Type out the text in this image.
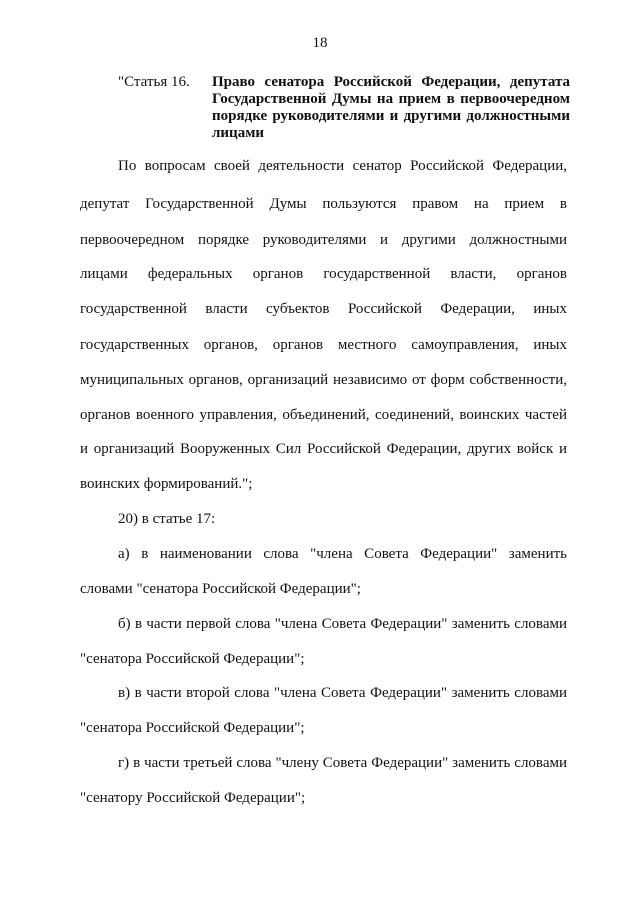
18
"Статья 16. Право сенатора Российской Федерации, депутата Государственной Думы на прием в первоочередном порядке руководителями и другими должностными лицами
По вопросам своей деятельности сенатор Российской Федерации,
депутат Государственной Думы пользуются правом на прием в
первоочередном порядке руководителями и другими должностными
лицами федеральных органов государственной власти, органов
государственной власти субъектов Российской Федерации, иных
государственных органов, органов местного самоуправления, иных
муниципальных органов, организаций независимо от форм собственности,
органов военного управления, объединений, соединений, воинских частей
и организаций Вооруженных Сил Российской Федерации, других войск и
воинских формирований.";
20) в статье 17:
а) в наименовании слова "члена Совета Федерации" заменить
словами "сенатора Российской Федерации";
б) в части первой слова "члена Совета Федерации" заменить словами
"сенатора Российской Федерации";
в) в части второй слова "члена Совета Федерации" заменить словами
"сенатора Российской Федерации";
г) в части третьей слова "члену Совета Федерации" заменить словами
"сенатору Российской Федерации";
